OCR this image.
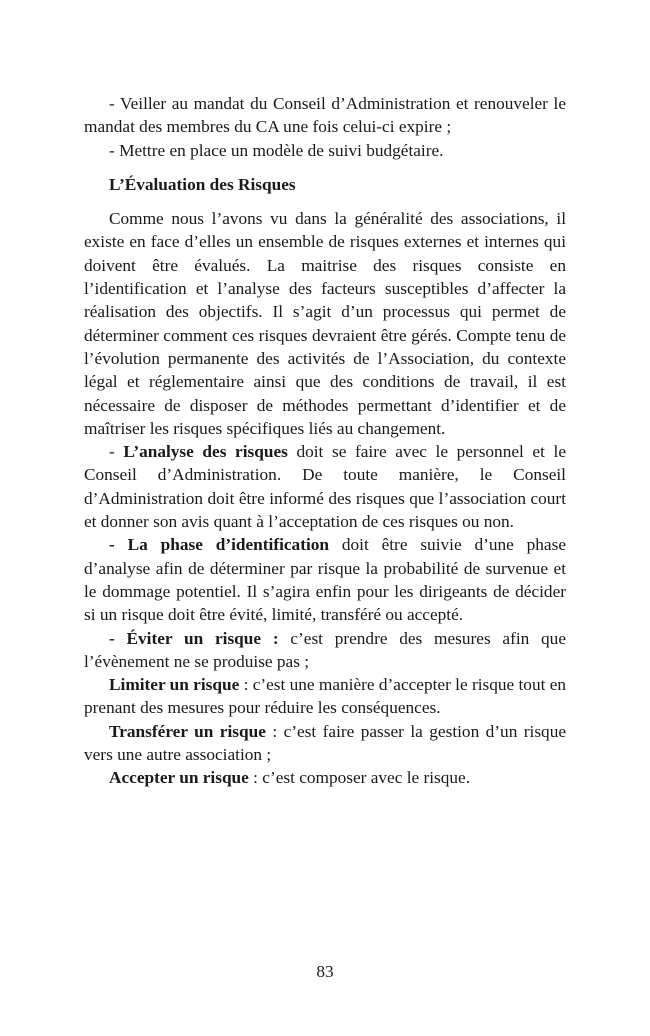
- Veiller au mandat du Conseil d’Administration et renouveler le mandat des membres du CA une fois celui-ci expire ;

- Mettre en place un modèle de suivi budgétaire.

L’Évaluation des Risques

Comme nous l’avons vu dans la généralité des associations, il existe en face d’elles un ensemble de risques externes et internes qui doivent être évalués. La maitrise des risques consiste en l’identification et l’analyse des facteurs susceptibles d’affecter la réalisation des objectifs. Il s’agit d’un processus qui permet de déterminer comment ces risques devraient être gérés. Compte tenu de l’évolution permanente des activités de l’Association, du contexte légal et réglementaire ainsi que des conditions de travail, il est nécessaire de disposer de méthodes permettant d’identifier et de maîtriser les risques spécifiques liés au changement.

- L’analyse des risques doit se faire avec le personnel et le Conseil d’Administration. De toute manière, le Conseil d’Administration doit être informé des risques que l’association court et donner son avis quant à l’acceptation de ces risques ou non.

- La phase d’identification doit être suivie d’une phase d’analyse afin de déterminer par risque la probabilité de survenue et le dommage potentiel. Il s’agira enfin pour les dirigeants de décider si un risque doit être évité, limité, transféré ou accepté.

- Éviter un risque : c’est prendre des mesures afin que l’évènement ne se produise pas ;

Limiter un risque : c’est une manière d’accepter le risque tout en prenant des mesures pour réduire les conséquences.

Transférer un risque : c’est faire passer la gestion d’un risque vers une autre association ;

Accepter un risque : c’est composer avec le risque.

83
